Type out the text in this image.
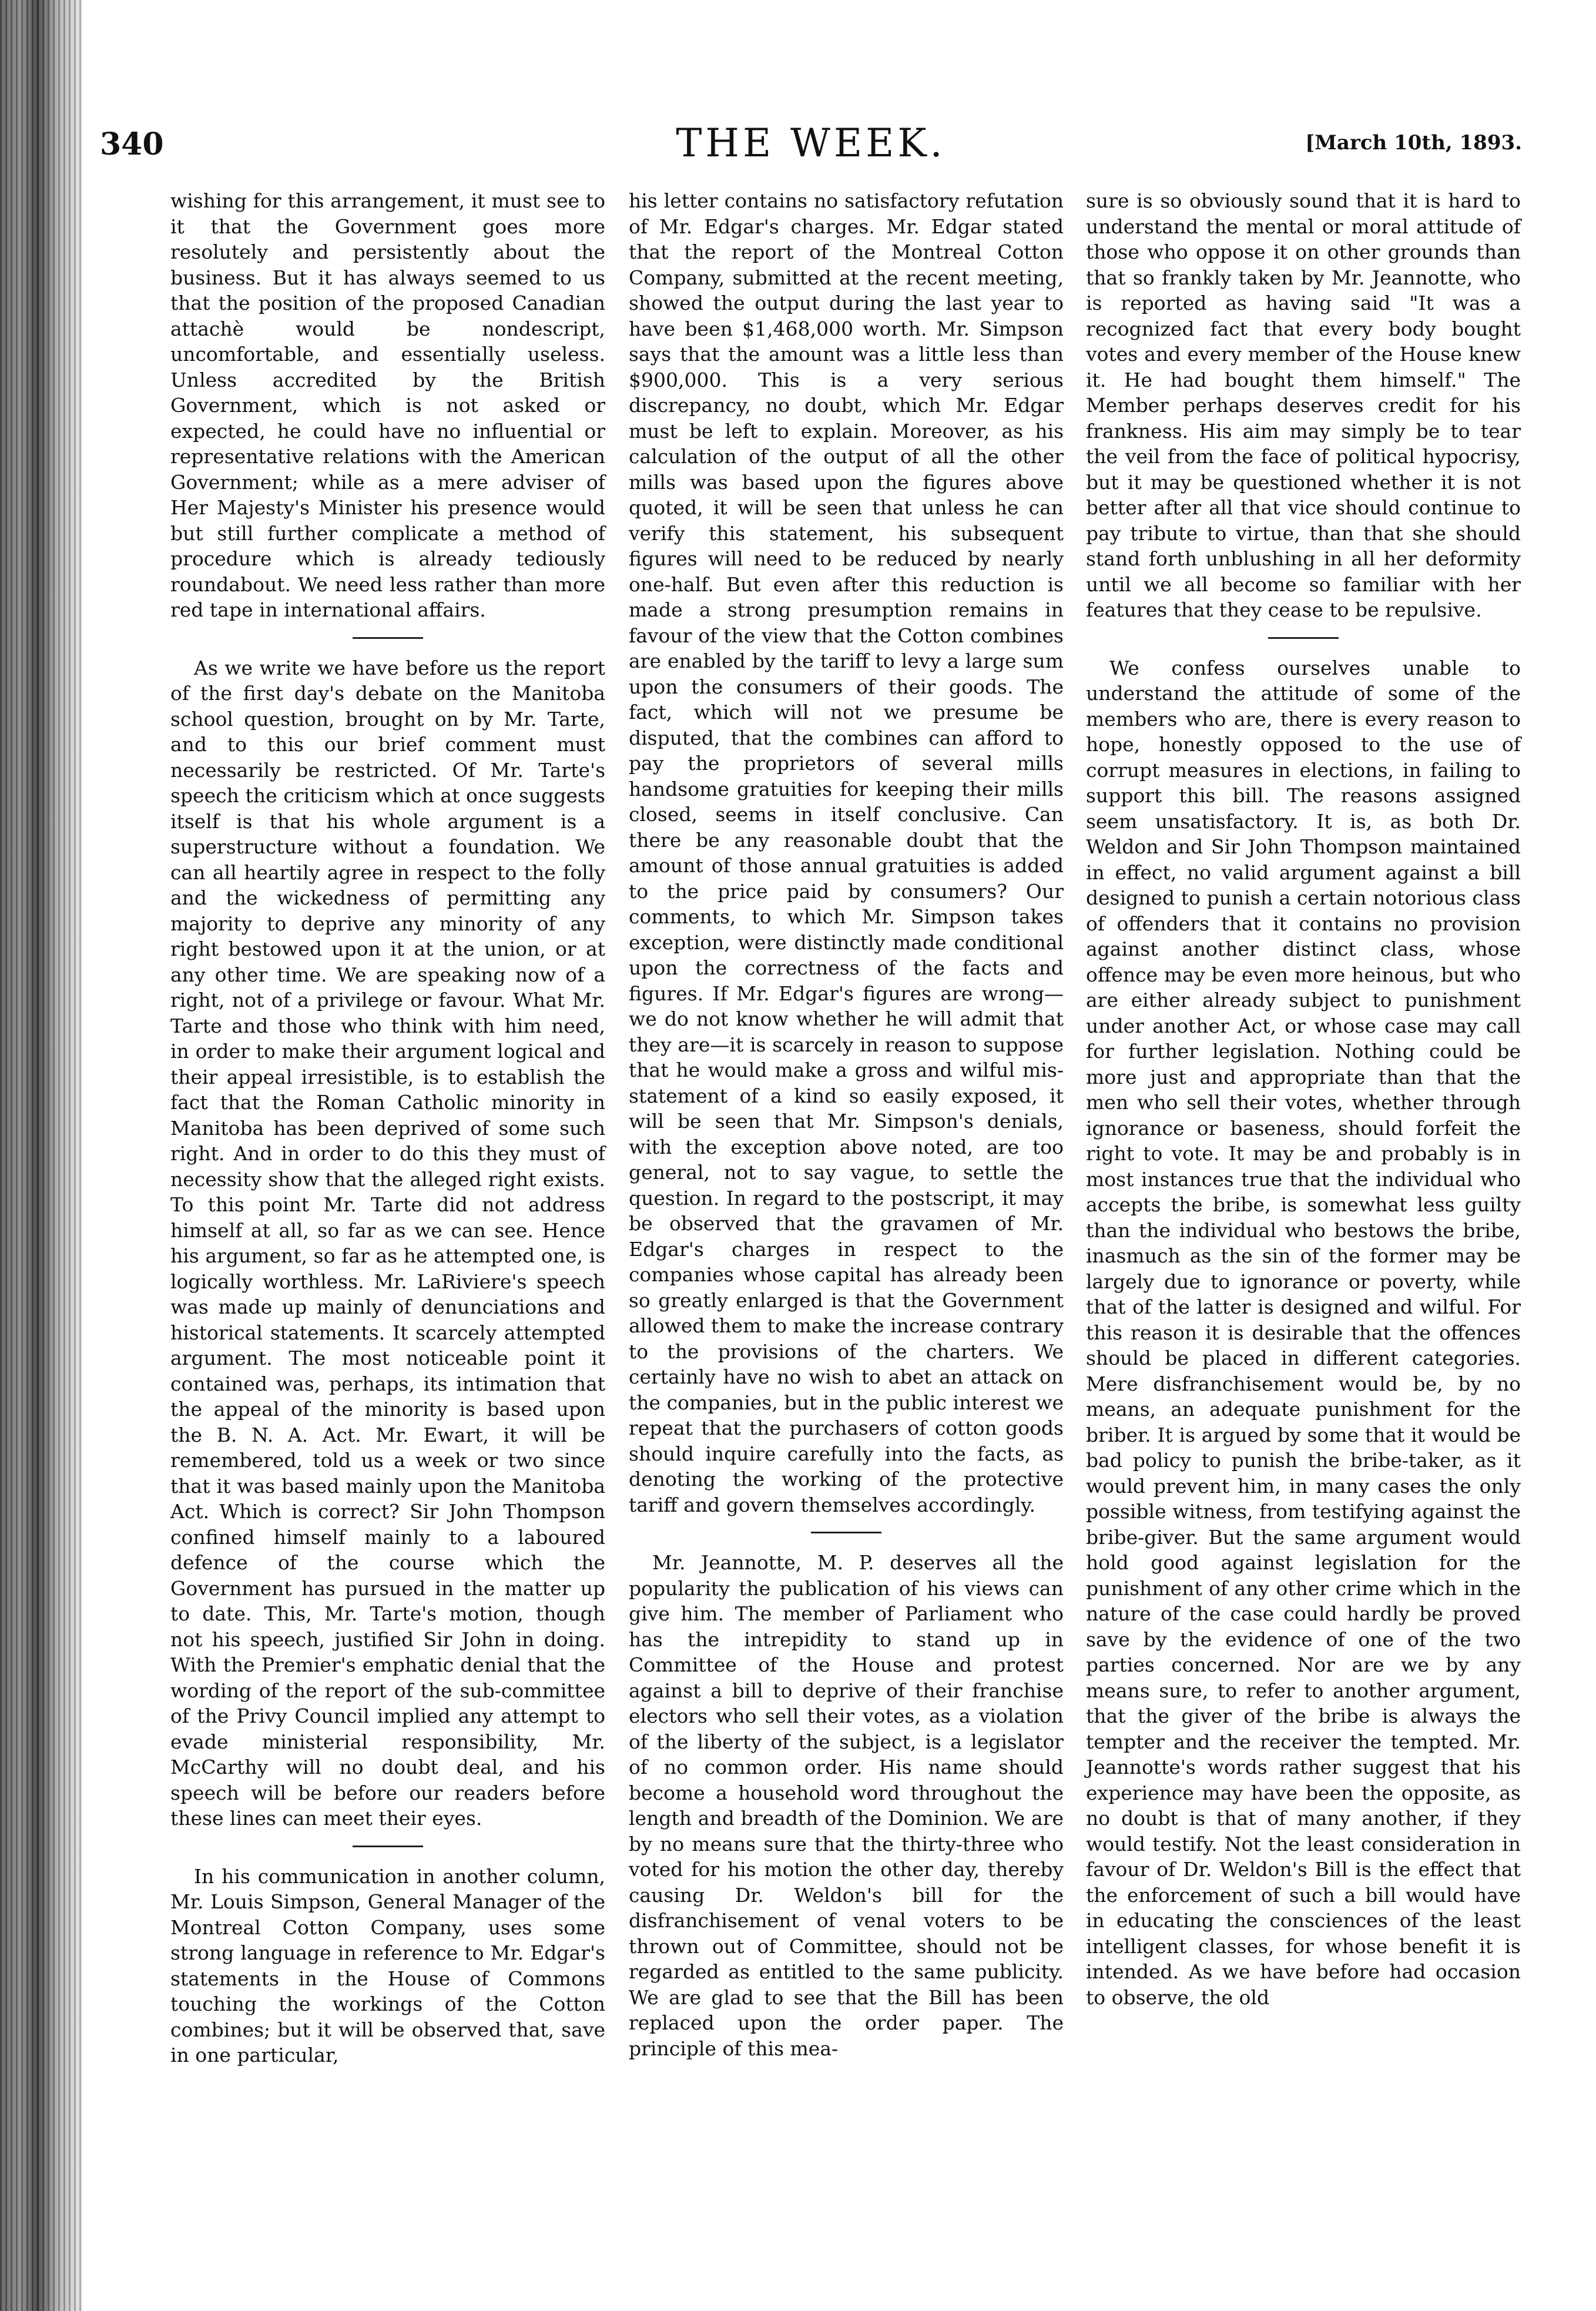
340	THE WEEK.	[March 10th, 1893.

wishing for this arrangement, it must see to it that the Government goes more resolutely and persistently about the business. But it has always seemed to us that the position of the proposed Canadian attachè would be nondescript, uncomfortable, and essentially useless. Unless accredited by the British Government, which is not asked or expected, he could have no influential or representative relations with the American Government; while as a mere adviser of Her Majesty's Minister his presence would but still further complicate a method of procedure which is already tediously roundabout. We need less rather than more red tape in international affairs.

As we write we have before us the report of the first day's debate on the Manitoba school question, brought on by Mr. Tarte, and to this our brief comment must necessarily be restricted. Of Mr. Tarte's speech the criticism which at once suggests itself is that his whole argument is a superstructure without a foundation. We can all heartily agree in respect to the folly and the wickedness of permitting any majority to deprive any minority of any right bestowed upon it at the union, or at any other time. We are speaking now of a right, not of a privilege or favour. What Mr. Tarte and those who think with him need, in order to make their argument logical and their appeal irresistible, is to establish the fact that the Roman Catholic minority in Manitoba has been deprived of some such right. And in order to do this they must of necessity show that the alleged right exists. To this point Mr. Tarte did not address himself at all, so far as we can see. Hence his argument, so far as he attempted one, is logically worthless. Mr. LaRiviere's speech was made up mainly of denunciations and historical statements. It scarcely attempted argument. The most noticeable point it contained was, perhaps, its intimation that the appeal of the minority is based upon the B. N. A. Act. Mr. Ewart, it will be remembered, told us a week or two since that it was based mainly upon the Manitoba Act. Which is correct? Sir John Thompson confined himself mainly to a laboured defence of the course which the Government has pursued in the matter up to date. This, Mr. Tarte's motion, though not his speech, justified Sir John in doing. With the Premier's emphatic denial that the wording of the report of the sub-committee of the Privy Council implied any attempt to evade ministerial responsibility, Mr. McCarthy will no doubt deal, and his speech will be before our readers before these lines can meet their eyes.

In his communication in another column, Mr. Louis Simpson, General Manager of the Montreal Cotton Company, uses some strong language in reference to Mr. Edgar's statements in the House of Commons touching the workings of the Cotton combines; but it will be observed that, save in one particular,

his letter contains no satisfactory refutation of Mr. Edgar's charges. Mr. Edgar stated that the report of the Montreal Cotton Company, submitted at the recent meeting, showed the output during the last year to have been $1,468,000 worth. Mr. Simpson says that the amount was a little less than $900,000. This is a very serious discrepancy, no doubt, which Mr. Edgar must be left to explain. Moreover, as his calculation of the output of all the other mills was based upon the figures above quoted, it will be seen that unless he can verify this statement, his subsequent figures will need to be reduced by nearly one-half. But even after this reduction is made a strong presumption remains in favour of the view that the Cotton combines are enabled by the tariff to levy a large sum upon the consumers of their goods. The fact, which will not we presume be disputed, that the combines can afford to pay the proprietors of several mills handsome gratuities for keeping their mills closed, seems in itself conclusive. Can there be any reasonable doubt that the amount of those annual gratuities is added to the price paid by consumers? Our comments, to which Mr. Simpson takes exception, were distinctly made conditional upon the correctness of the facts and figures. If Mr. Edgar's figures are wrong—we do not know whether he will admit that they are—it is scarcely in reason to suppose that he would make a gross and wilful mis-statement of a kind so easily exposed, it will be seen that Mr. Simpson's denials, with the exception above noted, are too general, not to say vague, to settle the question. In regard to the postscript, it may be observed that the gravamen of Mr. Edgar's charges in respect to the companies whose capital has already been so greatly enlarged is that the Government allowed them to make the increase contrary to the provisions of the charters. We certainly have no wish to abet an attack on the companies, but in the public interest we repeat that the purchasers of cotton goods should inquire carefully into the facts, as denoting the working of the protective tariff and govern themselves accordingly.

Mr. Jeannotte, M. P. deserves all the popularity the publication of his views can give him. The member of Parliament who has the intrepidity to stand up in Committee of the House and protest against a bill to deprive of their franchise electors who sell their votes, as a violation of the liberty of the subject, is a legislator of no common order. His name should become a household word throughout the length and breadth of the Dominion. We are by no means sure that the thirty-three who voted for his motion the other day, thereby causing Dr. Weldon's bill for the disfranchisement of venal voters to be thrown out of Committee, should not be regarded as entitled to the same publicity. We are glad to see that the Bill has been replaced upon the order paper. The principle of this mea-

sure is so obviously sound that it is hard to understand the mental or moral attitude of those who oppose it on other grounds than that so frankly taken by Mr. Jeannotte, who is reported as having said "It was a recognized fact that every body bought votes and every member of the House knew it. He had bought them himself." The Member perhaps deserves credit for his frankness. His aim may simply be to tear the veil from the face of political hypocrisy, but it may be questioned whether it is not better after all that vice should continue to pay tribute to virtue, than that she should stand forth unblushing in all her deformity until we all become so familiar with her features that they cease to be repulsive.

We confess ourselves unable to understand the attitude of some of the members who are, there is every reason to hope, honestly opposed to the use of corrupt measures in elections, in failing to support this bill. The reasons assigned seem unsatisfactory. It is, as both Dr. Weldon and Sir John Thompson maintained in effect, no valid argument against a bill designed to punish a certain notorious class of offenders that it contains no provision against another distinct class, whose offence may be even more heinous, but who are either already subject to punishment under another Act, or whose case may call for further legislation. Nothing could be more just and appropriate than that the men who sell their votes, whether through ignorance or baseness, should forfeit the right to vote. It may be and probably is in most instances true that the individual who accepts the bribe, is somewhat less guilty than the individual who bestows the bribe, inasmuch as the sin of the former may be largely due to ignorance or poverty, while that of the latter is designed and wilful. For this reason it is desirable that the offences should be placed in different categories. Mere disfranchisement would be, by no means, an adequate punishment for the briber. It is argued by some that it would be bad policy to punish the bribe-taker, as it would prevent him, in many cases the only possible witness, from testifying against the bribe-giver. But the same argument would hold good against legislation for the punishment of any other crime which in the nature of the case could hardly be proved save by the evidence of one of the two parties concerned. Nor are we by any means sure, to refer to another argument, that the giver of the bribe is always the tempter and the receiver the tempted. Mr. Jeannotte's words rather suggest that his experience may have been the opposite, as no doubt is that of many another, if they would testify. Not the least consideration in favour of Dr. Weldon's Bill is the effect that the enforcement of such a bill would have in educating the consciences of the least intelligent classes, for whose benefit it is intended. As we have before had occasion to observe, the old
